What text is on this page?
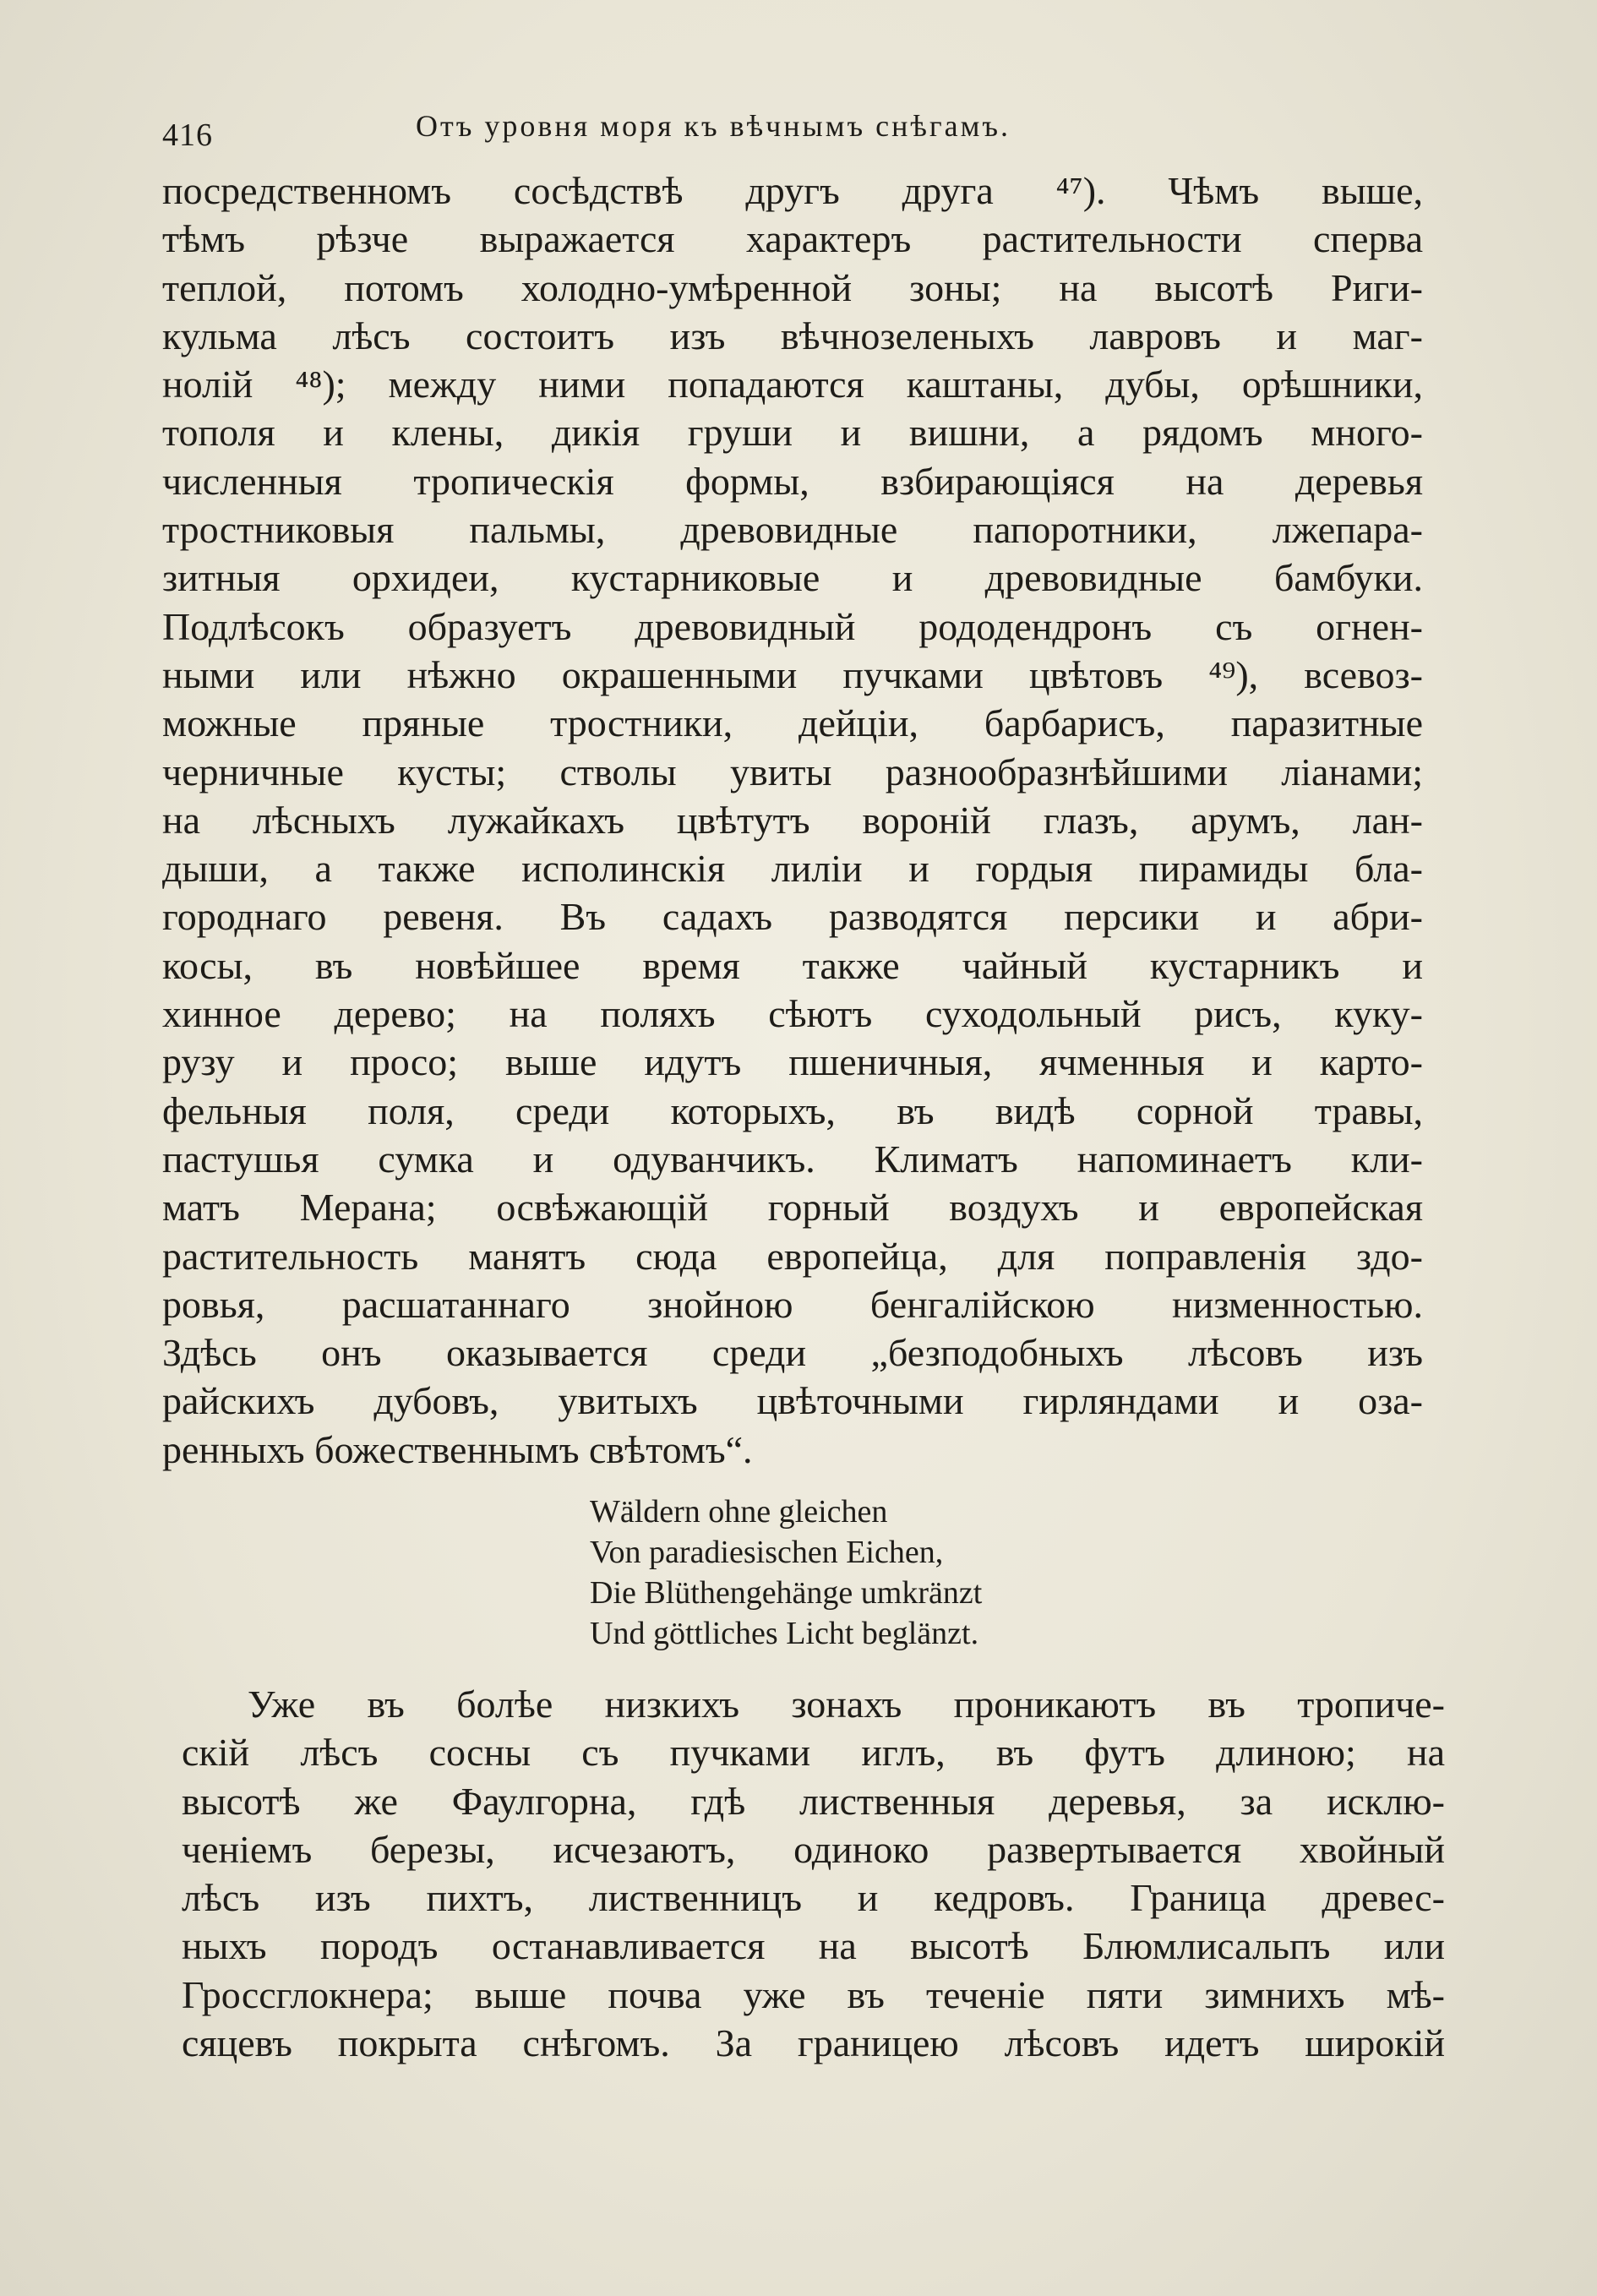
416	Отъ уровня моря къ вѣчнымъ снѣгамъ.
посредственномъ сосѣдствѣ другъ друга ⁴⁷). Чѣмъ выше,
тѣмъ рѣзче выражается характеръ растительности сперва
теплой, потомъ холодно-умѣренной зоны; на высотѣ Риги-
кульма лѣсъ состоитъ изъ вѣчнозеленыхъ лавровъ и маг-
нолій ⁴⁸); между ними попадаются каштаны, дубы, орѣшники,
тополя и клены, дикія груши и вишни, а рядомъ много-
численныя тропическія формы, взбирающіяся на деревья
тростниковыя пальмы, древовидные папоротники, лжепара-
зитныя орхидеи, кустарниковые и древовидные бамбуки.
Подлѣсокъ образуетъ древовидный рододендронъ съ огнен-
ными или нѣжно окрашенными пучками цвѣтовъ ⁴⁹), всевоз-
можные пряные тростники, дейціи, барбарисъ, паразитные
черничные кусты; стволы увиты разнообразнѣйшими ліанами;
на лѣсныхъ лужайкахъ цвѣтутъ вороній глазъ, арумъ, лан-
дыши, а также исполинскія лиліи и гордыя пирамиды бла-
городнаго ревеня. Въ садахъ разводятся персики и абри-
косы, въ новѣйшее время также чайный кустарникъ и
хинное дерево; на поляхъ сѣютъ суходольный рисъ, куку-
рузу и просо; выше идутъ пшеничныя, ячменныя и карто-
фельныя поля, среди которыхъ, въ видѣ сорной травы,
пастушья сумка и одуванчикъ. Климатъ напоминаетъ кли-
матъ Мерана; освѣжающій горный воздухъ и европейская
растительность манятъ сюда европейца, для поправленія здо-
ровья, расшатаннаго знойною бенгалійскою низменностью.
Здѣсь онъ оказывается среди „безподобныхъ лѣсовъ изъ
райскихъ дубовъ, увитыхъ цвѣточными гирляндами и оза-
ренныхъ божественнымъ свѣтомъ“.
Wäldern ohne gleichen
Von paradiesischen Eichen,
Die Blüthengehänge umkränzt
Und göttliches Licht beglänzt.
Уже въ болѣе низкихъ зонахъ проникаютъ въ тропиче-
скій лѣсъ сосны съ пучками иглъ, въ футъ длиною; на
высотѣ же Фаулгорна, гдѣ лиственныя деревья, за исклю-
ченіемъ березы, исчезаютъ, одиноко развертывается хвойный
лѣсъ изъ пихтъ, лиственницъ и кедровъ. Граница древес-
ныхъ породъ останавливается на высотѣ Блюмлисальпъ или
Гроссглокнера; выше почва уже въ теченіе пяти зимнихъ мѣ-
сяцевъ покрыта снѣгомъ. За границею лѣсовъ идетъ широкій
